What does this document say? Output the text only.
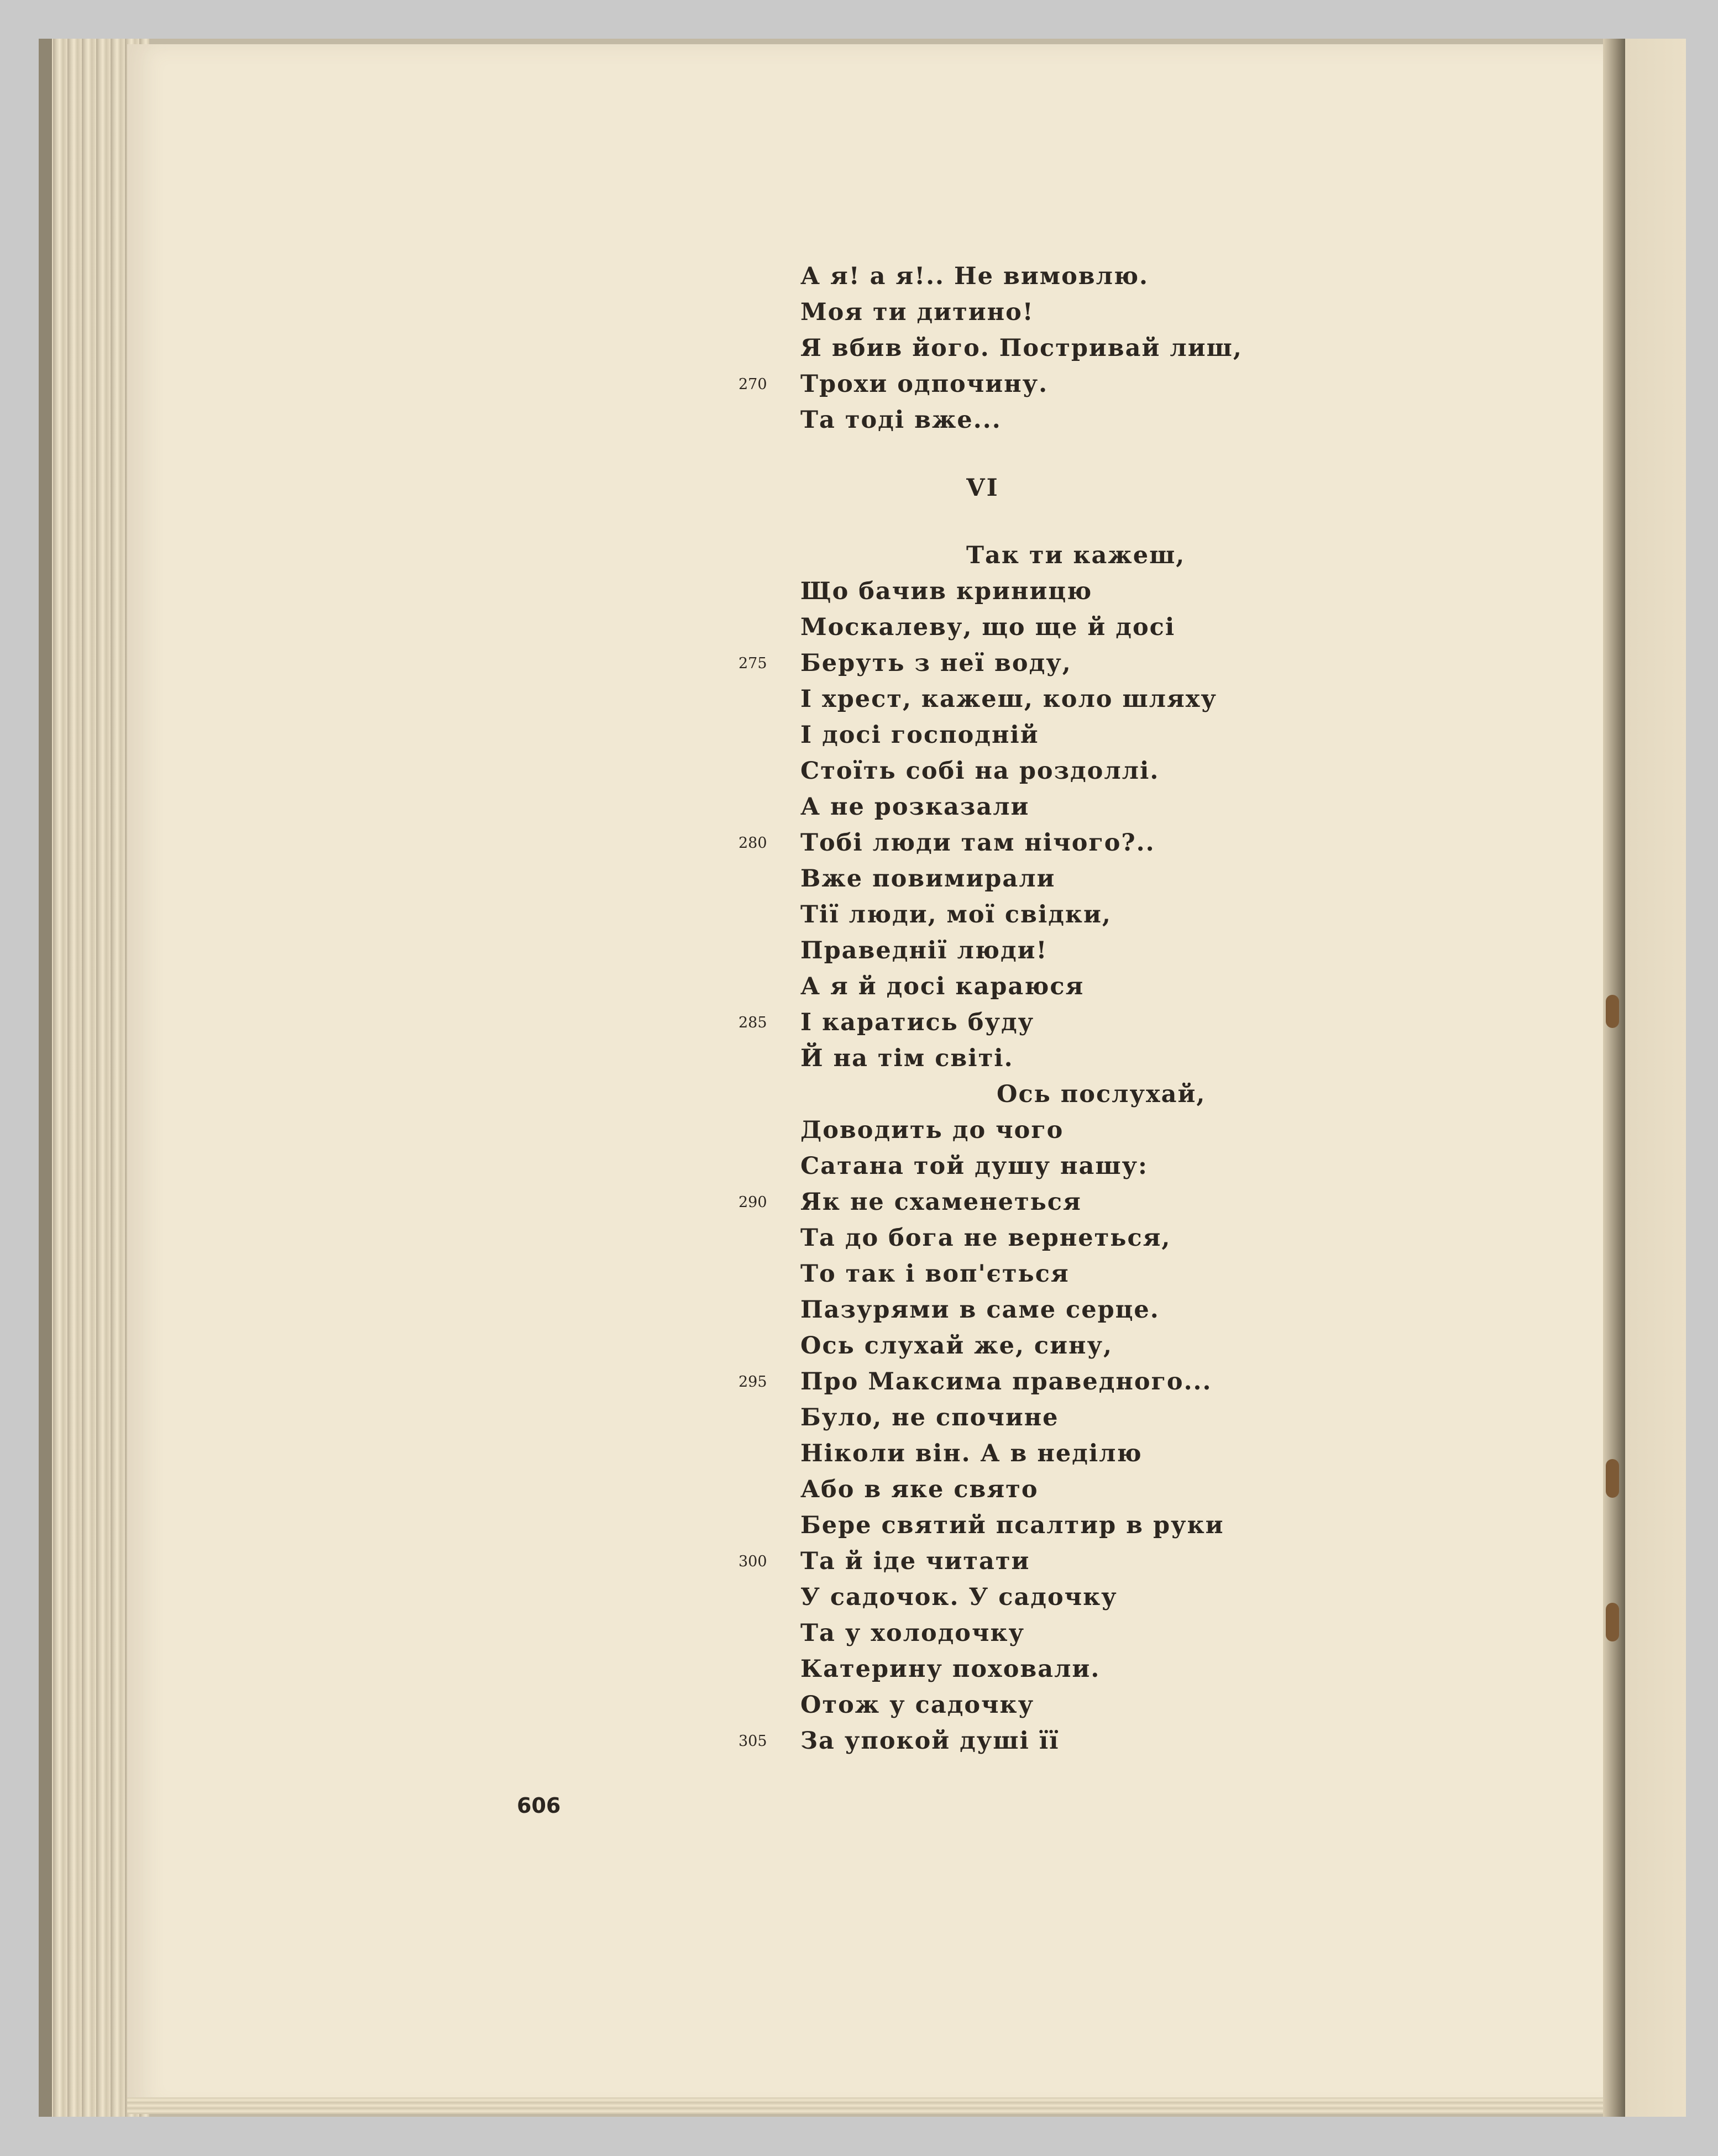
А я! а я!.. Не вимовлю.
Моя ти дитино!
Я вбив його. Постривай лиш,
270	Трохи одпочину.
Та тоді вже...
VI
Так ти кажеш,
Що бачив криницю
Москалеву, що ще й досі
275	Беруть з неї воду,
І хрест, кажеш, коло шляху
І досі господній
Стоїть собі на роздоллі.
А не розказали
280	Тобі люди там нічого?..
Вже повимирали
Тії люди, мої свідки,
Праведнії люди!
А я й досі караюся
285	І каратись буду
Й на тім світі.
Ось послухай,
Доводить до чого
Сатана той душу нашу:
290	Як не схаменеться
Та до бога не вернеться,
То так і воп'ється
Пазурями в саме серце.
Ось слухай же, сину,
295	Про Максима праведного...
Було, не спочине
Ніколи він. А в неділю
Або в яке свято
Бере святий псалтир в руки
300	Та й іде читати
У садочок. У садочку
Та у холодочку
Катерину поховали.
Отож у садочку
305	За упокой душі її
606
